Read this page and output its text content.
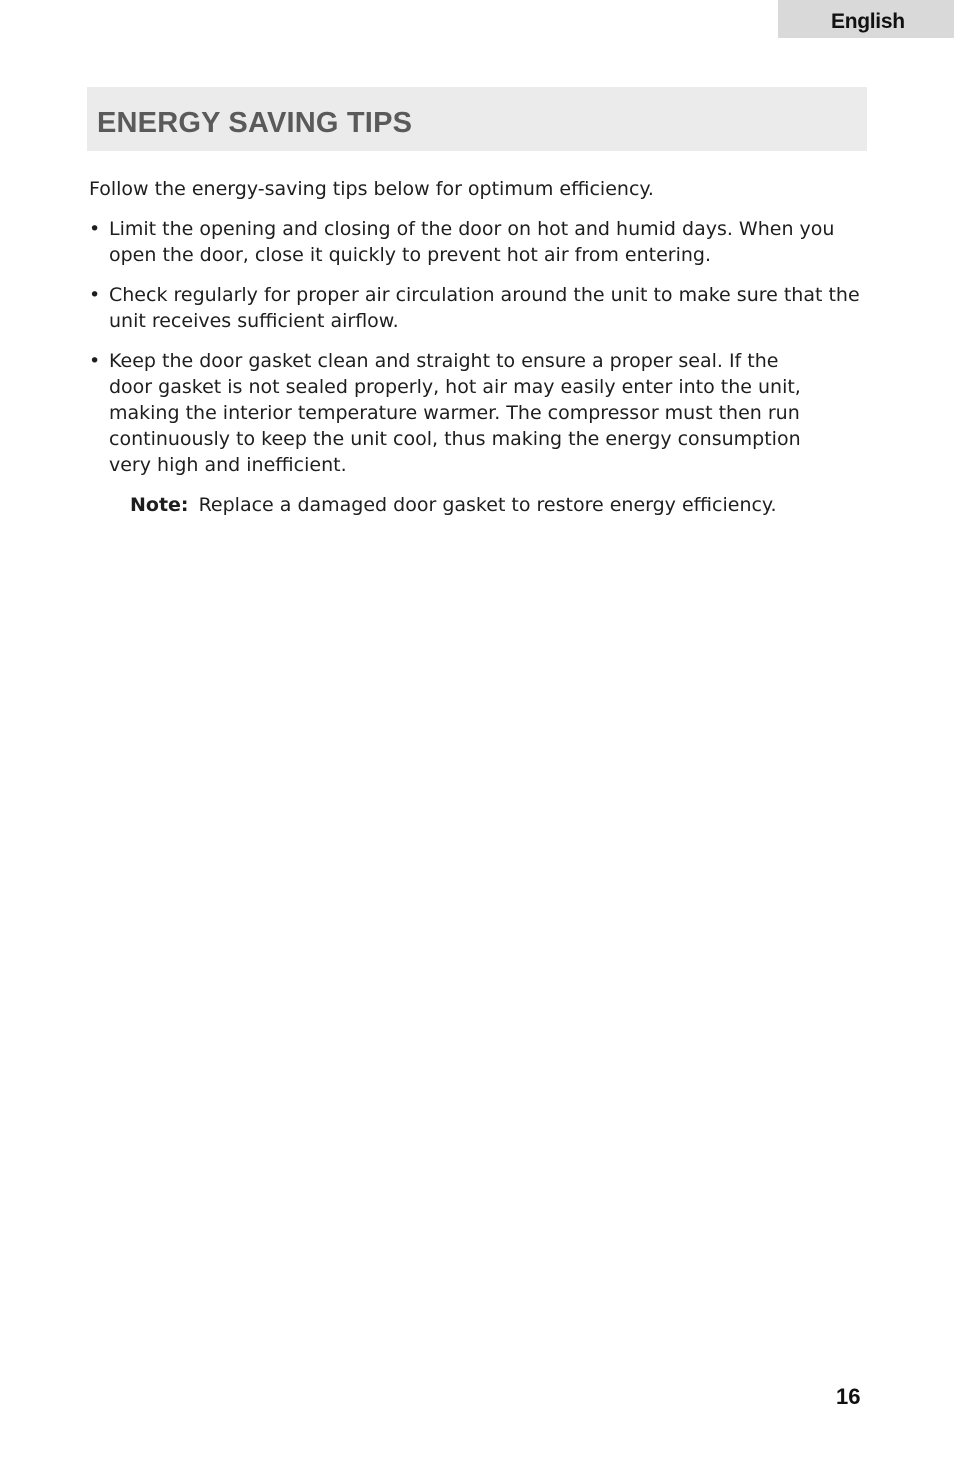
English
ENERGY SAVING TIPS

Follow the energy-saving tips below for optimum efficiency.

•
Limit the opening and closing of the door on hot and humid days. When you open the door, close it quickly to prevent hot air from entering.
•
Check regularly for proper air circulation around the unit to make sure that the unit receives sufficient airflow.
•
Keep the door gasket clean and straight to ensure a proper seal. If the door gasket is not sealed properly, hot air may easily enter into the unit, making the interior temperature warmer. The compressor must then run continuously to keep the unit cool, thus making the energy consumption very high and inefficient.

Note: Replace a damaged door gasket to restore energy efficiency.

16
